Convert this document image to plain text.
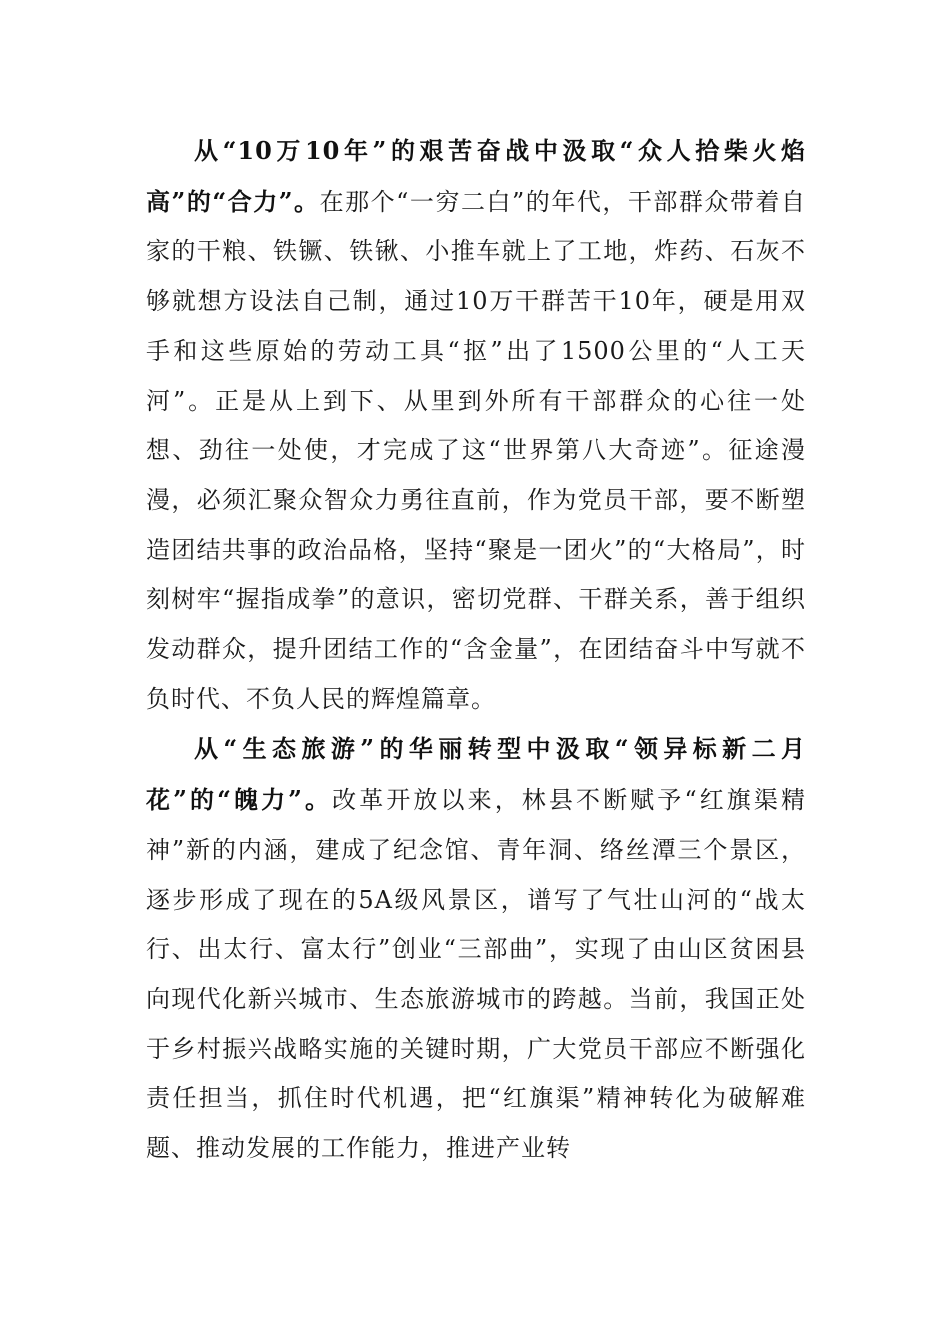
从“10万10年”的艰苦奋战中汲取“众人拾柴火焰高”的“合力”。在那个“一穷二白”的年代，干部群众带着自家的干粮、铁镢、铁锹、小推车就上了工地，炸药、石灰不够就想方设法自己制，通过10万干群苦干10年，硬是用双手和这些原始的劳动工具“抠”出了1500公里的“人工天河”。正是从上到下、从里到外所有干部群众的心往一处想、劲往一处使，才完成了这“世界第八大奇迹”。征途漫漫，必须汇聚众智众力勇往直前，作为党员干部，要不断塑造团结共事的政治品格，坚持“聚是一团火”的“大格局”，时刻树牢“握指成拳”的意识，密切党群、干群关系，善于组织发动群众，提升团结工作的“含金量”，在团结奋斗中写就不负时代、不负人民的辉煌篇章。

从“生态旅游”的华丽转型中汲取“领异标新二月花”的“魄力”。改革开放以来，林县不断赋予“红旗渠精神”新的内涵，建成了纪念馆、青年洞、络丝潭三个景区，逐步形成了现在的5A级风景区，谱写了气壮山河的“战太行、出太行、富太行”创业“三部曲”，实现了由山区贫困县向现代化新兴城市、生态旅游城市的跨越。当前，我国正处于乡村振兴战略实施的关键时期，广大党员干部应不断强化责任担当，抓住时代机遇，把“红旗渠”精神转化为破解难题、推动发展的工作能力，推进产业转
